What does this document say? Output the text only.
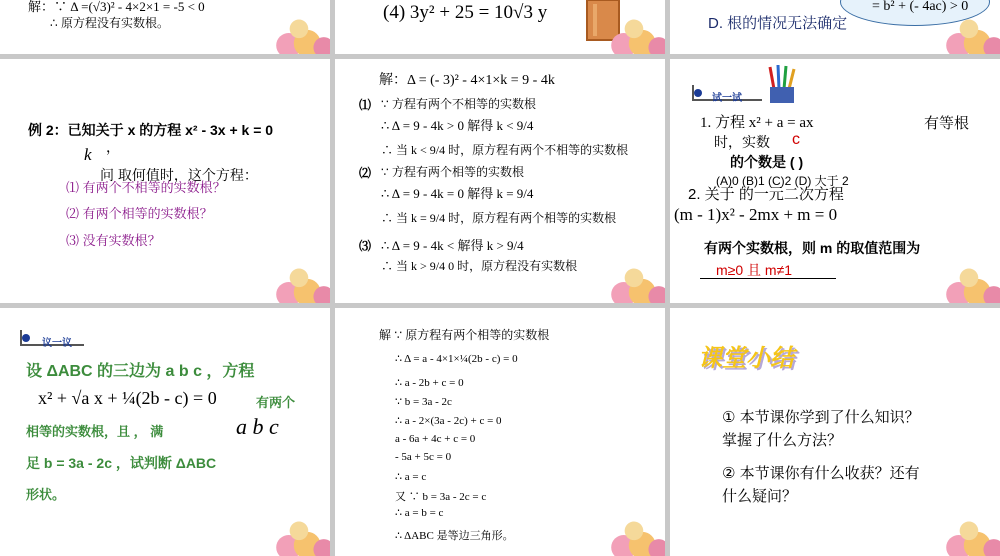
解：∵ Δ =(√3)² - 4×2×1 = -5 < 0
∴ 原方程没有实数根。	(4) 3y² + 25 = 10√3 y
D. 根的情况无法确定
= b² + (- 4ac) > 0
例 2：已知关于 x 的方程 x² - 3x + k = 0
k ，
问 取何值时，这个方程：
⑴ 有两个不相等的实数根？
⑵ 有两个相等的实数根？
⑶ 没有实数根？
解：Δ = (- 3)² - 4×1×k = 9 - 4k
⑴ ∵ 方程有两个不相等的实数根
∴ Δ = 9 - 4k > 0 解得 k < 9/4
∴ 当 k < 9/4 时，原方程有两个不相等的实数根
⑵ ∵ 方程有两个相等的实数根
∴ Δ = 9 - 4k = 0 解得 k = 9/4
∴ 当 k = 9/4 时，原方程有两个相等的实数根
⑶ ∴ Δ = 9 - 4k < 解得 k > 9/4
∴ 当 k > 9/4 0 时，原方程没有实数根
试一试
1. 方程 x² + a = ax	有等根
时，实数 c
的个数是 ( )
(A)0 (B)1 (C)2 (D) 大于 2
2. 关于 的一元二次方程
(m - 1)x² - 2mx + m = 0
有两个实数根，则 m 的取值范围为
m≥0 且 m≠1
议一议
设 ΔABC 的三边为 a b c ，方程
x² + √a x + ¼(2b - c) = 0	有两个
相等的实数根，且 ， 满	a b c
足 b = 3a - 2c ，试判断 ΔABC
形状。
解 ∵ 原方程有两个相等的实数根
∴ Δ = a - 4×1×¼(2b - c) = 0
∴ a - 2b + c = 0
∵ b = 3a - 2c
∴ a - 2×(3a - 2c) + c = 0
a - 6a + 4c + c = 0
- 5a + 5c = 0
∴ a = c
又 ∵ b = 3a - 2c = c
∴ a = b = c
∴ ΔABC 是等边三角形。
课堂小结
① 本节课你学到了什么知识？
掌握了什么方法？
② 本节课你有什么收获？还有
什么疑问？
